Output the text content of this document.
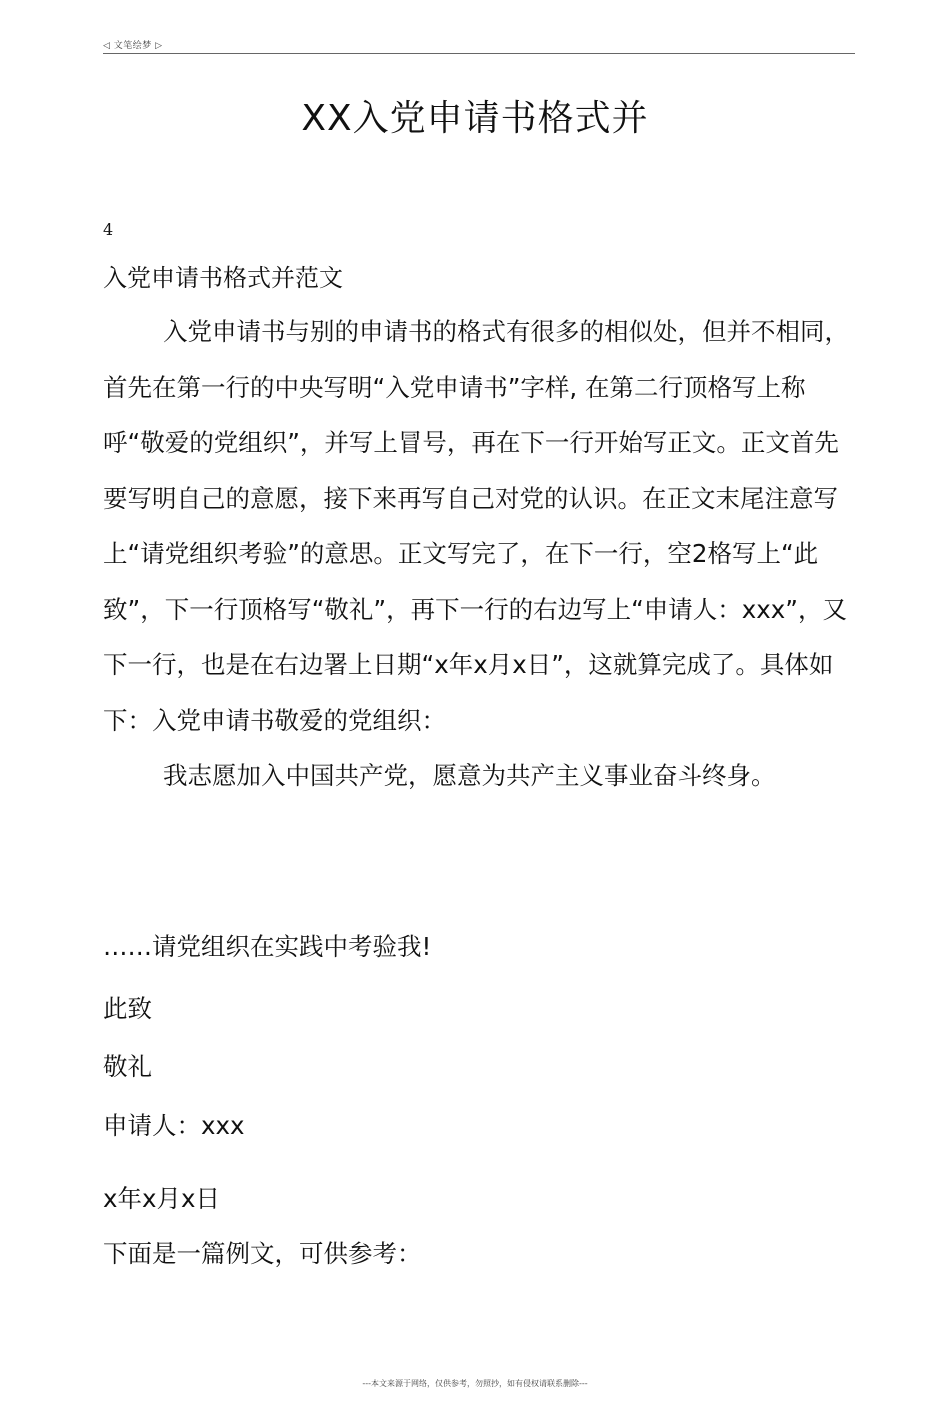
◁ 文笔绘梦 ▷
XX入党申请书格式并
4
入党申请书格式并范文

入党申请书与别的申请书的格式有很多的相似处，但并不相同，首先在第一行的中央写明“入党申请书”字样, 在第二行顶格写上称呼“敬爱的党组织”，并写上冒号，再在下一行开始写正文。正文首先要写明自己的意愿，接下来再写自己对党的认识。在正文末尾注意写上“请党组织考验”的意思。正文写完了，在下一行，空2格写上“此致”，下一行顶格写“敬礼”，再下一行的右边写上“申请人：xxx”，又下一行，也是在右边署上日期“x年x月x日”，这就算完成了。具体如下：入党申请书敬爱的党组织：

我志愿加入中国共产党，愿意为共产主义事业奋斗终身。

……请党组织在实践中考验我!
此致
敬礼
申请人：xxx
x年x月x日
下面是一篇例文，可供参考：
---本文来源于网络，仅供参考，勿照抄，如有侵权请联系删除---
